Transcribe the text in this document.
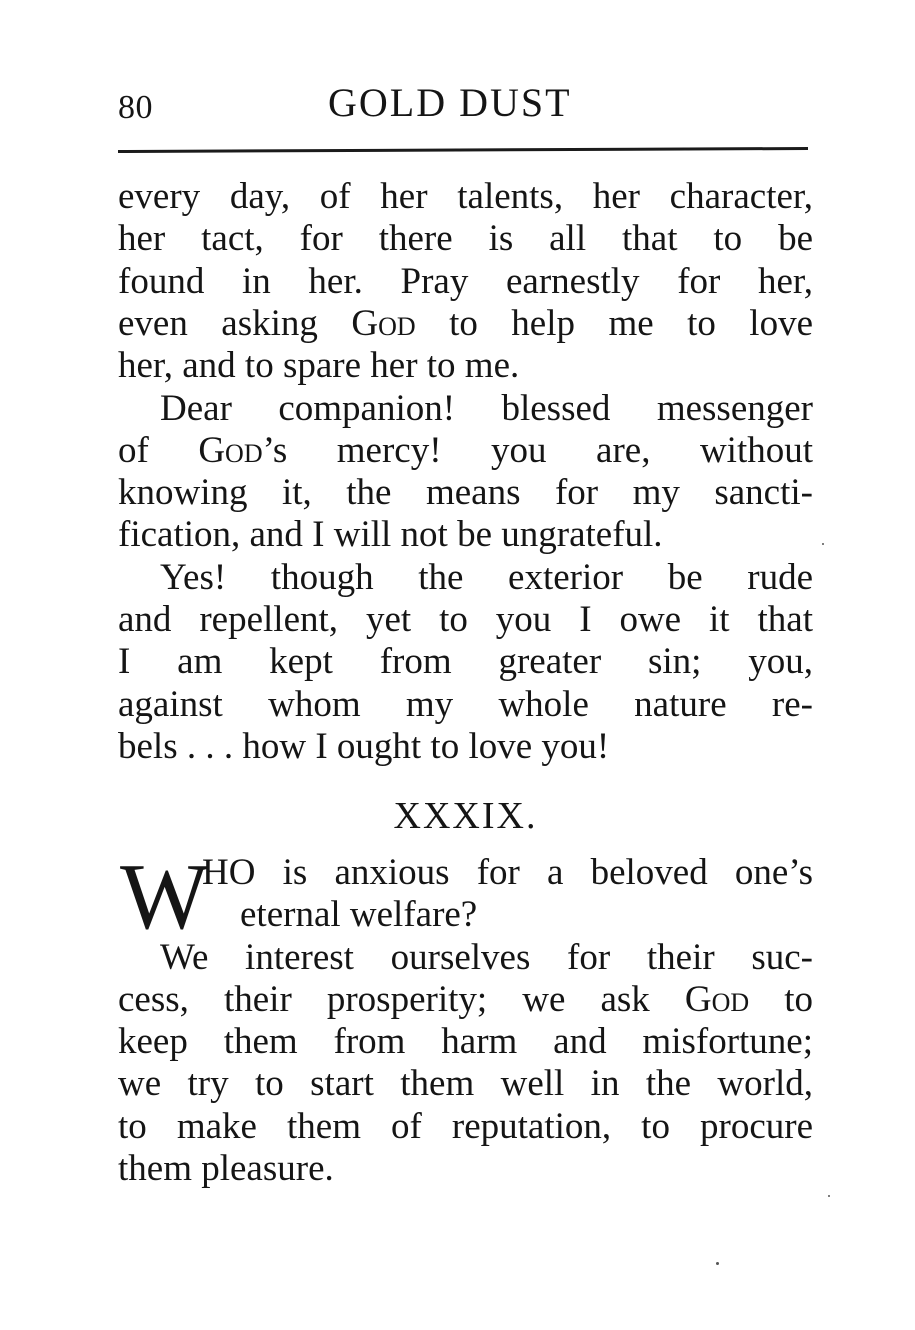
80	GOLD DUST
every day, of her talents, her character,
her tact, for there is all that to be
found in her. Pray earnestly for her,
even asking God to help me to love
her, and to spare her to me.
Dear companion! blessed messenger
of God’s mercy! you are, without
knowing it, the means for my sancti-
fication, and I will not be ungrateful.
Yes! though the exterior be rude
and repellent, yet to you I owe it that
I am kept from greater sin; you,
against whom my whole nature re-
bels . . . how I ought to love you!
XXXIX.
W
HO is anxious for a beloved one’s
eternal welfare?
We interest ourselves for their suc-
cess, their prosperity; we ask God to
keep them from harm and misfortune;
we try to start them well in the world,
to make them of reputation, to procure
them pleasure.
